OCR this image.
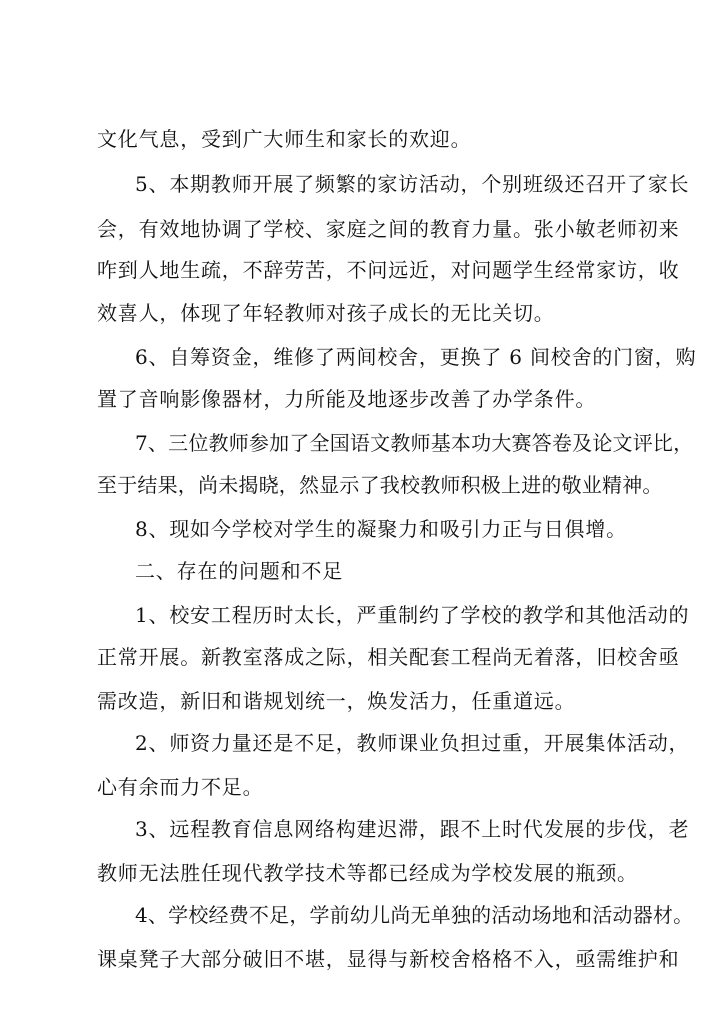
文化气息，受到广大师生和家长的欢迎。
5、本期教师开展了频繁的家访活动，个别班级还召开了家长
会，有效地协调了学校、家庭之间的教育力量。张小敏老师初来
咋到人地生疏，不辞劳苦，不问远近，对问题学生经常家访，收
效喜人，体现了年轻教师对孩子成长的无比关切。
6、自筹资金，维修了两间校舍，更换了 6 间校舍的门窗，购
置了音响影像器材，力所能及地逐步改善了办学条件。
7、三位教师参加了全国语文教师基本功大赛答卷及论文评比，
至于结果，尚未揭晓，然显示了我校教师积极上进的敬业精神。
8、现如今学校对学生的凝聚力和吸引力正与日俱增。
二、存在的问题和不足
1、校安工程历时太长，严重制约了学校的教学和其他活动的
正常开展。新教室落成之际，相关配套工程尚无着落，旧校舍亟
需改造，新旧和谐规划统一，焕发活力，任重道远。
2、师资力量还是不足，教师课业负担过重，开展集体活动，
心有余而力不足。
3、远程教育信息网络构建迟滞，跟不上时代发展的步伐，老
教师无法胜任现代教学技术等都已经成为学校发展的瓶颈。
4、学校经费不足，学前幼儿尚无单独的活动场地和活动器材。
课桌凳子大部分破旧不堪，显得与新校舍格格不入，亟需维护和
